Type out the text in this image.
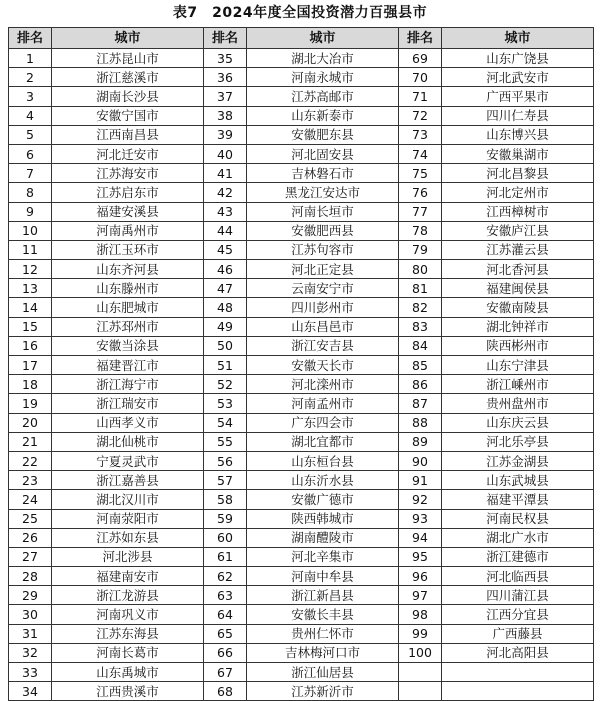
表7　2024年度全国投资潜力百强县市
排名	城市	排名	城市	排名	城市
1	江苏昆山市	35	湖北大冶市	69	山东广饶县
2	浙江慈溪市	36	河南永城市	70	河北武安市
3	湖南长沙县	37	江苏高邮市	71	广西平果市
4	安徽宁国市	38	山东新泰市	72	四川仁寿县
5	江西南昌县	39	安徽肥东县	73	山东博兴县
6	河北迁安市	40	河北固安县	74	安徽巢湖市
7	江苏海安市	41	吉林磐石市	75	河北昌黎县
8	江苏启东市	42	黑龙江安达市	76	河北定州市
9	福建安溪县	43	河南长垣市	77	江西樟树市
10	河南禹州市	44	安徽肥西县	78	安徽庐江县
11	浙江玉环市	45	江苏句容市	79	江苏灌云县
12	山东齐河县	46	河北正定县	80	河北香河县
13	山东滕州市	47	云南安宁市	81	福建闽侯县
14	山东肥城市	48	四川彭州市	82	安徽南陵县
15	江苏邳州市	49	山东昌邑市	83	湖北钟祥市
16	安徽当涂县	50	浙江安吉县	84	陕西彬州市
17	福建晋江市	51	安徽天长市	85	山东宁津县
18	浙江海宁市	52	河北滦州市	86	浙江嵊州市
19	浙江瑞安市	53	河南孟州市	87	贵州盘州市
20	山西孝义市	54	广东四会市	88	山东庆云县
21	湖北仙桃市	55	湖北宜都市	89	河北乐亭县
22	宁夏灵武市	56	山东桓台县	90	江苏金湖县
23	浙江嘉善县	57	山东沂水县	91	山东武城县
24	湖北汉川市	58	安徽广德市	92	福建平潭县
25	河南荥阳市	59	陕西韩城市	93	河南民权县
26	江苏如东县	60	湖南醴陵市	94	湖北广水市
27	河北涉县	61	河北辛集市	95	浙江建德市
28	福建南安市	62	河南中牟县	96	河北临西县
29	浙江龙游县	63	浙江新昌县	97	四川蒲江县
30	河南巩义市	64	安徽长丰县	98	江西分宜县
31	江苏东海县	65	贵州仁怀市	99	广西藤县
32	河南长葛市	66	吉林梅河口市	100	河北高阳县
33	山东禹城市	67	浙江仙居县		
34	江西贵溪市	68	江苏新沂市		
